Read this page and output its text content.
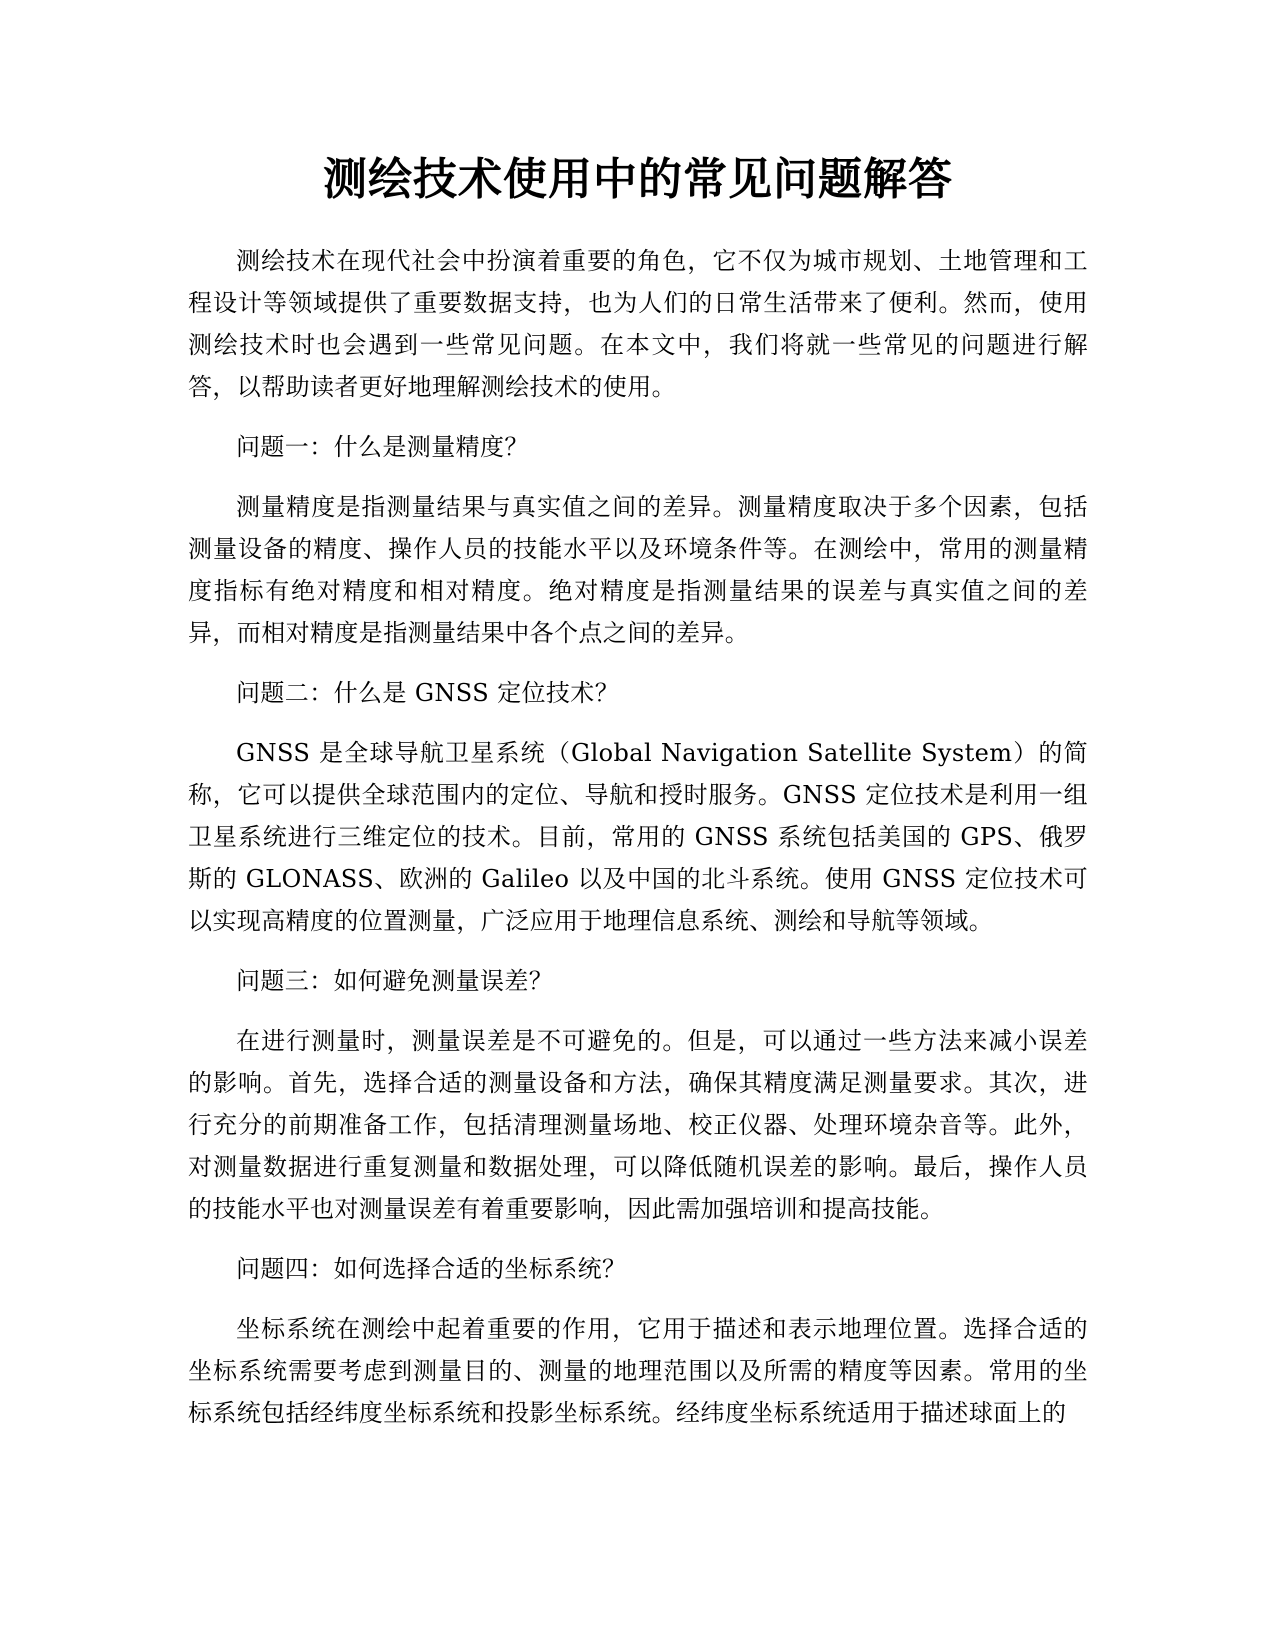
测绘技术使用中的常见问题解答

测绘技术在现代社会中扮演着重要的角色，它不仅为城市规划、土地管理和工程设计等领域提供了重要数据支持，也为人们的日常生活带来了便利。然而，使用测绘技术时也会遇到一些常见问题。在本文中，我们将就一些常见的问题进行解答，以帮助读者更好地理解测绘技术的使用。

问题一：什么是测量精度？

测量精度是指测量结果与真实值之间的差异。测量精度取决于多个因素，包括测量设备的精度、操作人员的技能水平以及环境条件等。在测绘中，常用的测量精度指标有绝对精度和相对精度。绝对精度是指测量结果的误差与真实值之间的差异，而相对精度是指测量结果中各个点之间的差异。

问题二：什么是 GNSS 定位技术？

GNSS 是全球导航卫星系统（Global Navigation Satellite System）的简称，它可以提供全球范围内的定位、导航和授时服务。GNSS 定位技术是利用一组卫星系统进行三维定位的技术。目前，常用的 GNSS 系统包括美国的 GPS、俄罗斯的 GLONASS、欧洲的 Galileo 以及中国的北斗系统。使用 GNSS 定位技术可以实现高精度的位置测量，广泛应用于地理信息系统、测绘和导航等领域。

问题三：如何避免测量误差？

在进行测量时，测量误差是不可避免的。但是，可以通过一些方法来减小误差的影响。首先，选择合适的测量设备和方法，确保其精度满足测量要求。其次，进行充分的前期准备工作，包括清理测量场地、校正仪器、处理环境杂音等。此外，对测量数据进行重复测量和数据处理，可以降低随机误差的影响。最后，操作人员的技能水平也对测量误差有着重要影响，因此需加强培训和提高技能。

问题四：如何选择合适的坐标系统？

坐标系统在测绘中起着重要的作用，它用于描述和表示地理位置。选择合适的坐标系统需要考虑到测量目的、测量的地理范围以及所需的精度等因素。常用的坐标系统包括经纬度坐标系统和投影坐标系统。经纬度坐标系统适用于描述球面上的
